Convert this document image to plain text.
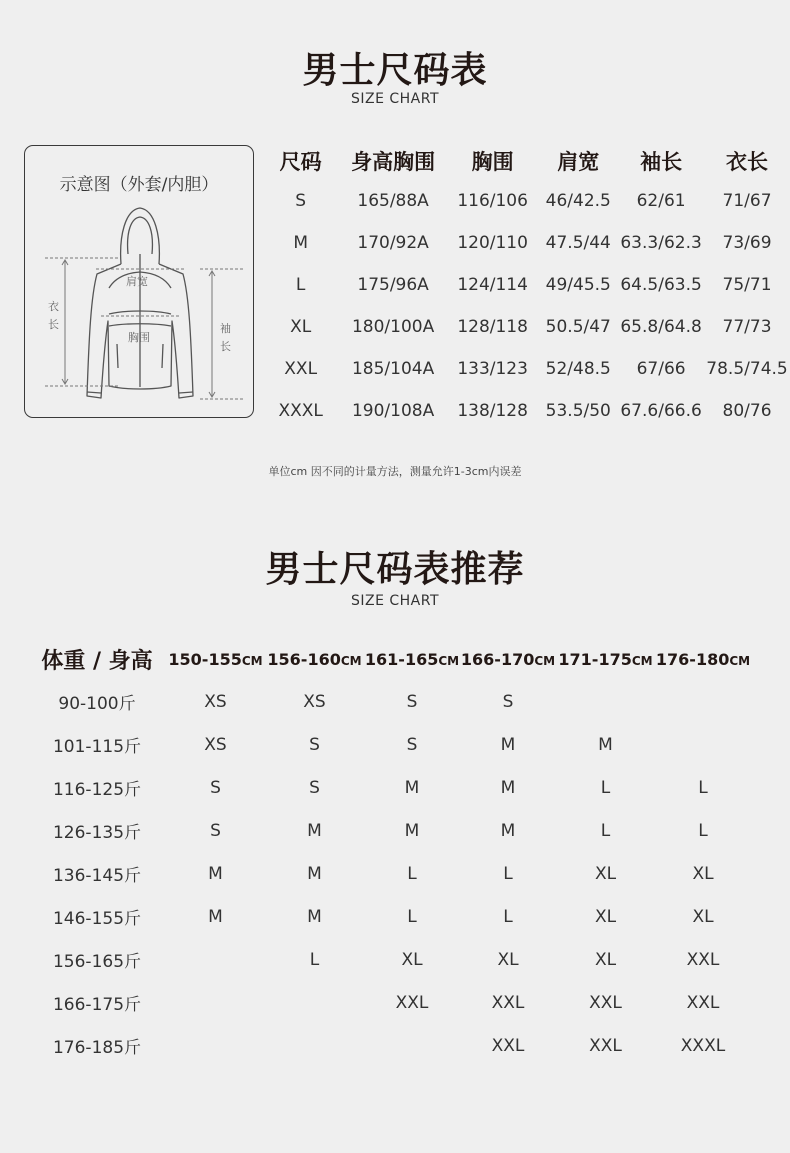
男士尺码表
SIZE CHART
示意图（外套/内胆）
肩宽
胸围
衣
长	袖
长
尺码	身高胸围	胸围	肩宽	袖长	衣长
S	165/88A	116/106	46/42.5	62/61	71/67
M	170/92A	120/110	47.5/44	63.3/62.3	73/69
L	175/96A	124/114	49/45.5	64.5/63.5	75/71
XL	180/100A	128/118	50.5/47	65.8/64.8	77/73
XXL	185/104A	133/123	52/48.5	67/66	78.5/74.5
XXXL	190/108A	138/128	53.5/50	67.6/66.6	80/76
单位cm 因不同的计量方法，测量允许1-3cm内误差
男士尺码表推荐
SIZE CHART
体重 / 身高	150-155CM	156-160CM	161-165CM	166-170CM	171-175CM	176-180CM
90-100斤	XS	XS	S	S		
101-115斤	XS	S	S	M	M	
116-125斤	S	S	M	M	L	L
126-135斤	S	M	M	M	L	L
136-145斤	M	M	L	L	XL	XL
146-155斤	M	M	L	L	XL	XL
156-165斤		L	XL	XL	XL	XXL
166-175斤			XXL	XXL	XXL	XXL
176-185斤				XXL	XXL	XXXL
